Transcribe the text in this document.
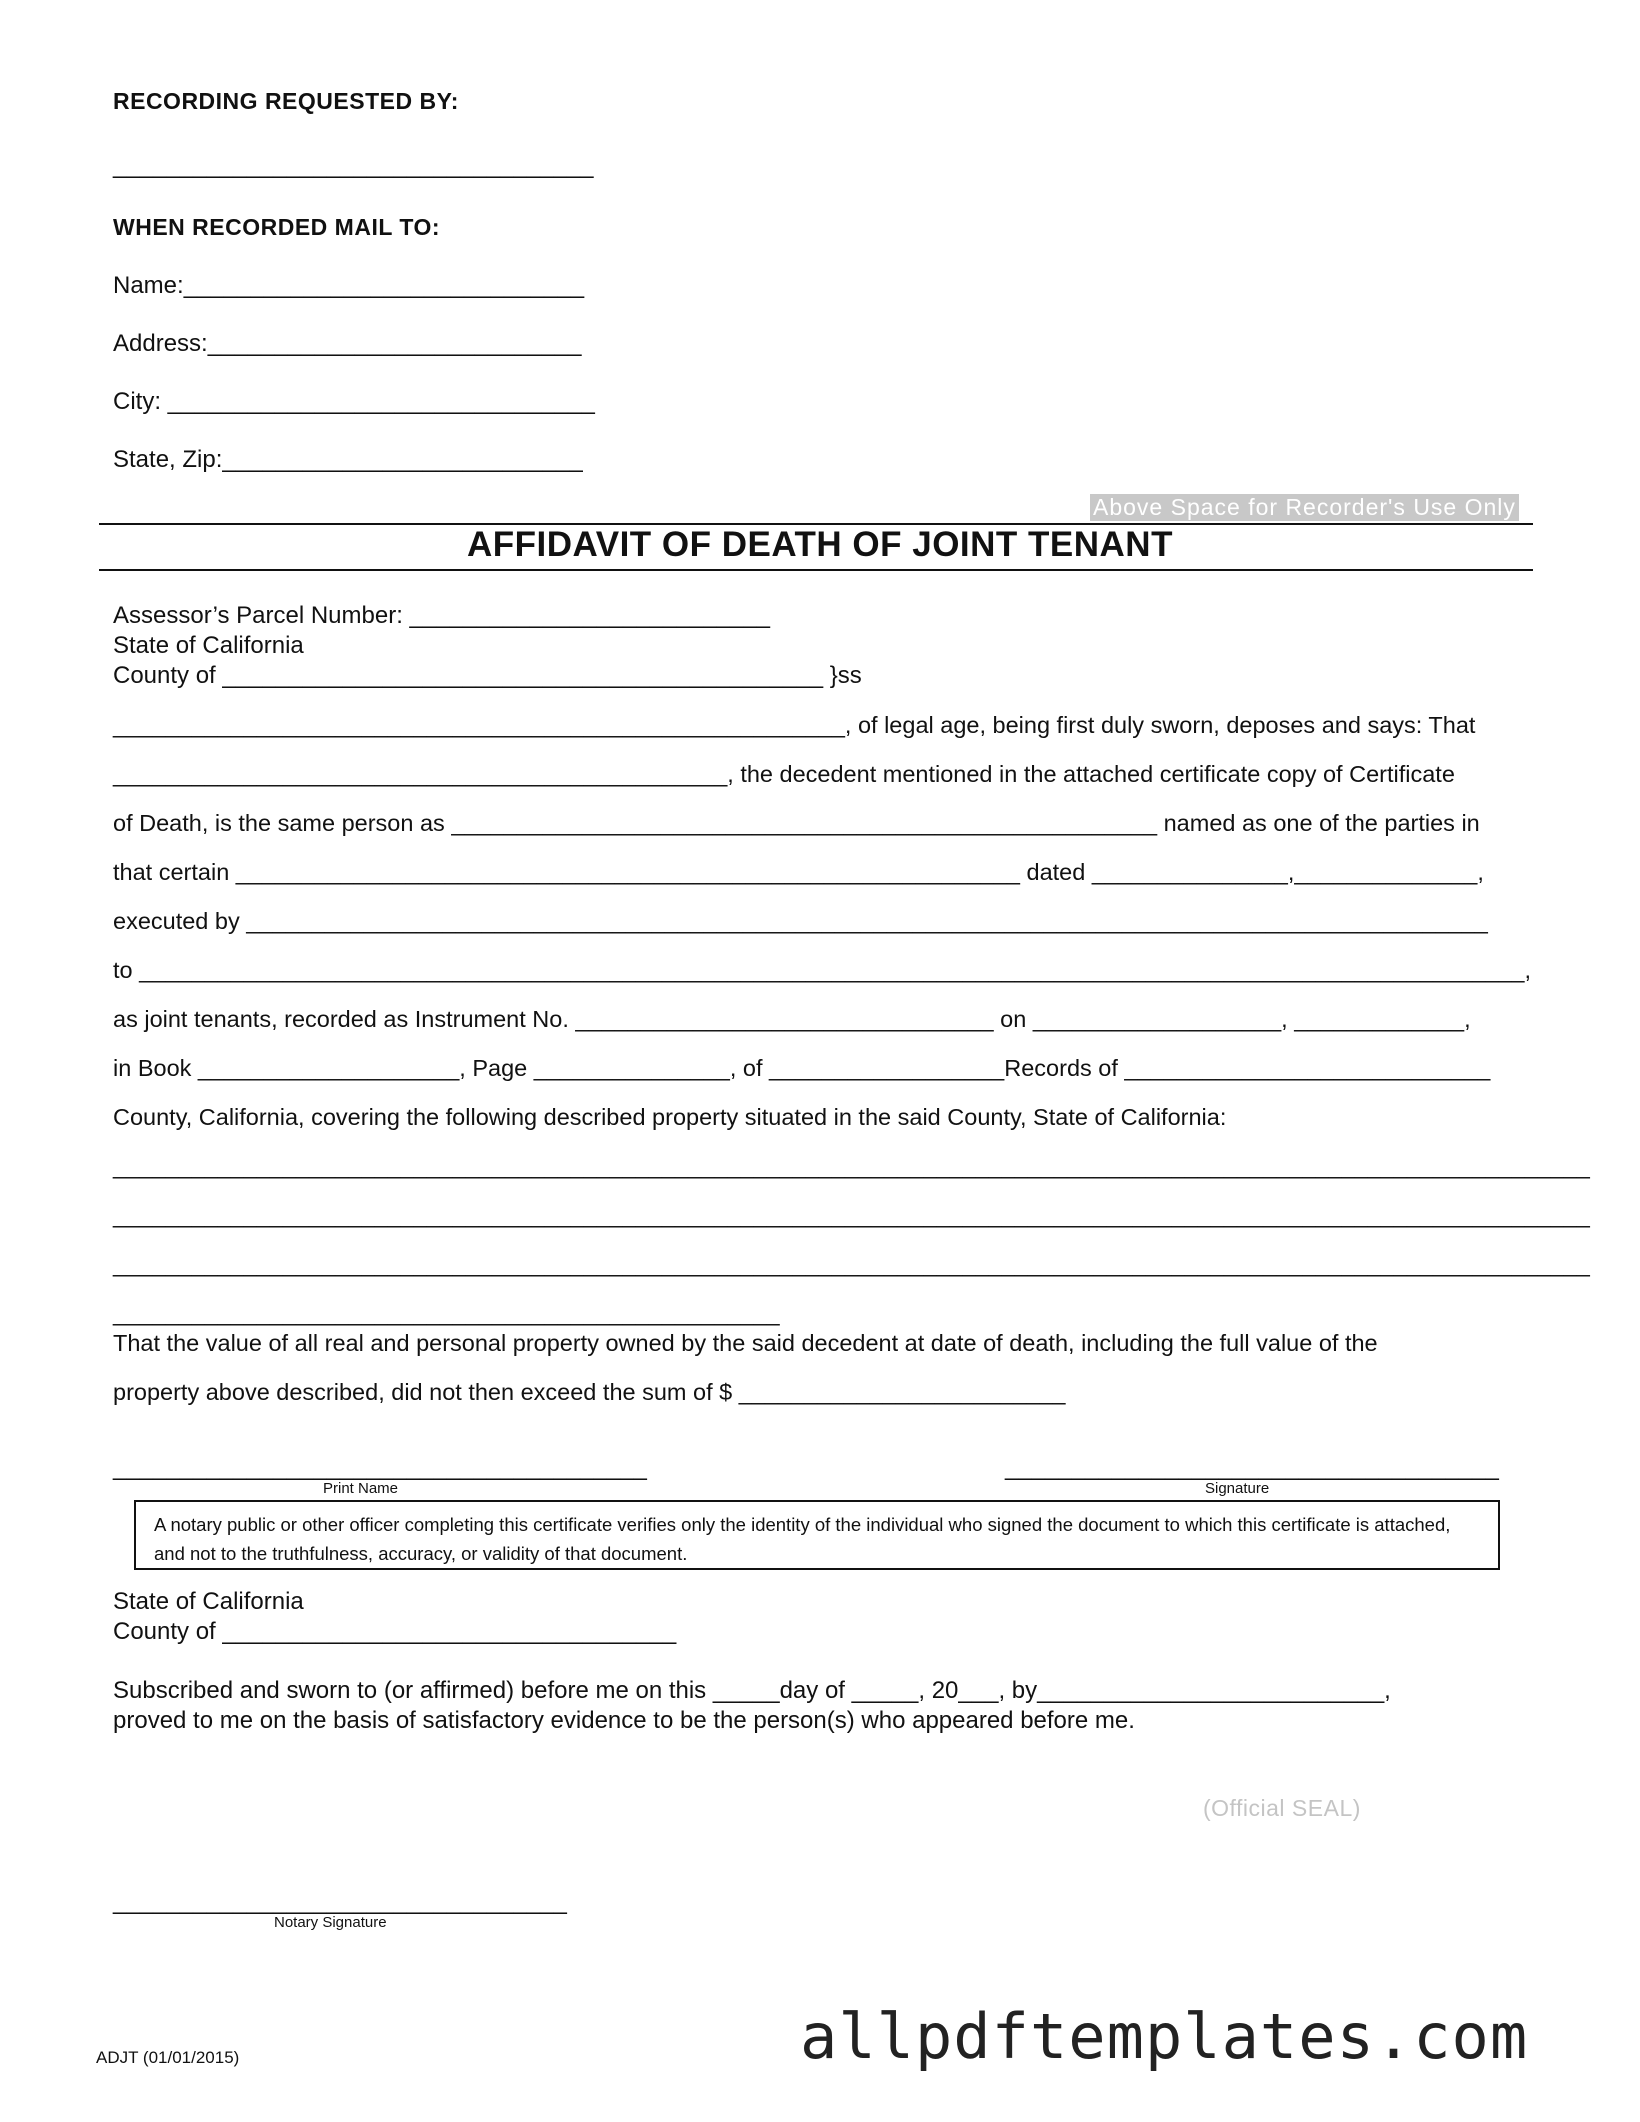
RECORDING REQUESTED BY:
____________________________________
WHEN RECORDED MAIL TO:
Name:______________________________
Address:____________________________
City: ________________________________
State, Zip:___________________________
Above Space for Recorder's Use Only
AFFIDAVIT OF DEATH OF JOINT TENANT
Assessor’s Parcel Number: ___________________________
State of California
County of _____________________________________________ }ss
________________________________________________________, of legal age, being first duly sworn, deposes and says: That
_______________________________________________, the decedent mentioned in the attached certificate copy of Certificate
of Death, is the same person as ______________________________________________________ named as one of the parties in
that certain ____________________________________________________________ dated _______________,______________,
executed by _______________________________________________________________________________________________
to __________________________________________________________________________________________________________,
as joint tenants, recorded as Instrument No. ________________________________ on ___________________, _____________,
in Book ____________________, Page _______________, of __________________Records of ____________________________
County, California, covering the following described property situated in the said County, State of California:
_________________________________________________________________________________________________________________
_________________________________________________________________________________________________________________
_________________________________________________________________________________________________________________
___________________________________________________
That the value of all real and personal property owned by the said decedent at date of death, including the full value of the
property above described, did not then exceed the sum of $ _________________________
________________________________________
Print Name
_____________________________________
Signature
A notary public or other officer completing this certificate verifies only the identity of the individual who signed the document to which this certificate is attached, and not to the truthfulness, accuracy, or validity of that document.
State of California
County of __________________________________
Subscribed and sworn to (or affirmed) before me on this _____day of _____, 20___, by__________________________,
proved to me on the basis of satisfactory evidence to be the person(s) who appeared before me.
(Official SEAL)
__________________________________
Notary Signature
ADJT (01/01/2015)	allpdftemplates.com
